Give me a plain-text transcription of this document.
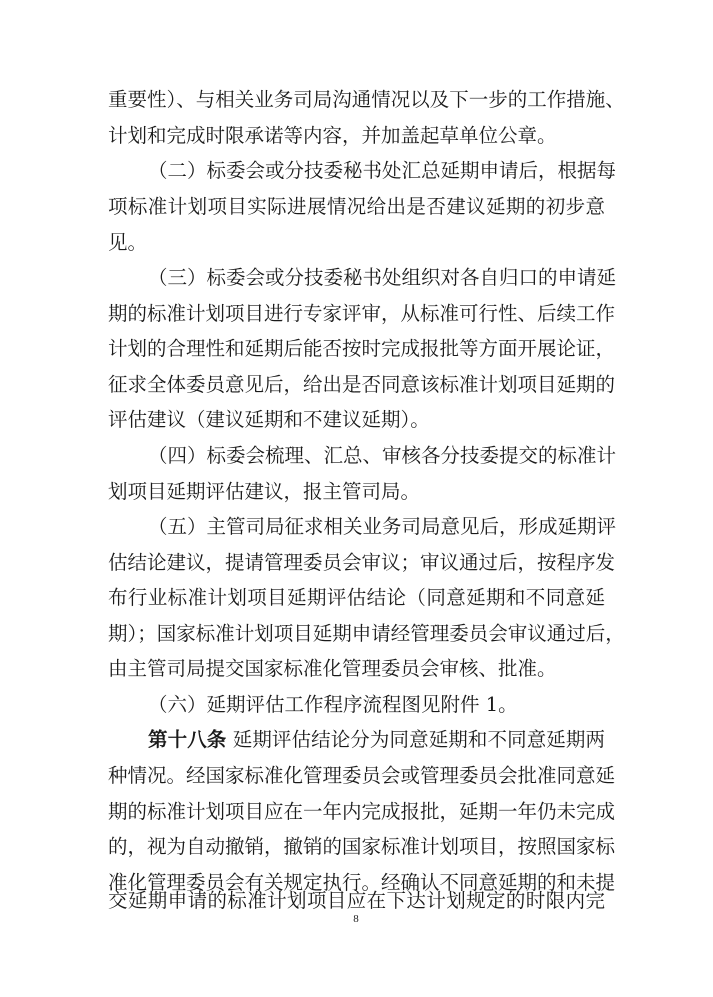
重要性）、与相关业务司局沟通情况以及下一步的工作措施、
计划和完成时限承诺等内容，并加盖起草单位公章。
（二）标委会或分技委秘书处汇总延期申请后，根据每
项标准计划项目实际进展情况给出是否建议延期的初步意
见。
（三）标委会或分技委秘书处组织对各自归口的申请延
期的标准计划项目进行专家评审，从标准可行性、后续工作
计划的合理性和延期后能否按时完成报批等方面开展论证，
征求全体委员意见后，给出是否同意该标准计划项目延期的
评估建议（建议延期和不建议延期）。
（四）标委会梳理、汇总、审核各分技委提交的标准计
划项目延期评估建议，报主管司局。
（五）主管司局征求相关业务司局意见后，形成延期评
估结论建议，提请管理委员会审议；审议通过后，按程序发
布行业标准计划项目延期评估结论（同意延期和不同意延
期）；国家标准计划项目延期申请经管理委员会审议通过后，
由主管司局提交国家标准化管理委员会审核、批准。
（六）延期评估工作程序流程图见附件 1。
第十八条 延期评估结论分为同意延期和不同意延期两
种情况。经国家标准化管理委员会或管理委员会批准同意延
期的标准计划项目应在一年内完成报批，延期一年仍未完成
的，视为自动撤销，撤销的国家标准计划项目，按照国家标
准化管理委员会有关规定执行。经确认不同意延期的和未提
交延期申请的标准计划项目应在下达计划规定的时限内完
8
